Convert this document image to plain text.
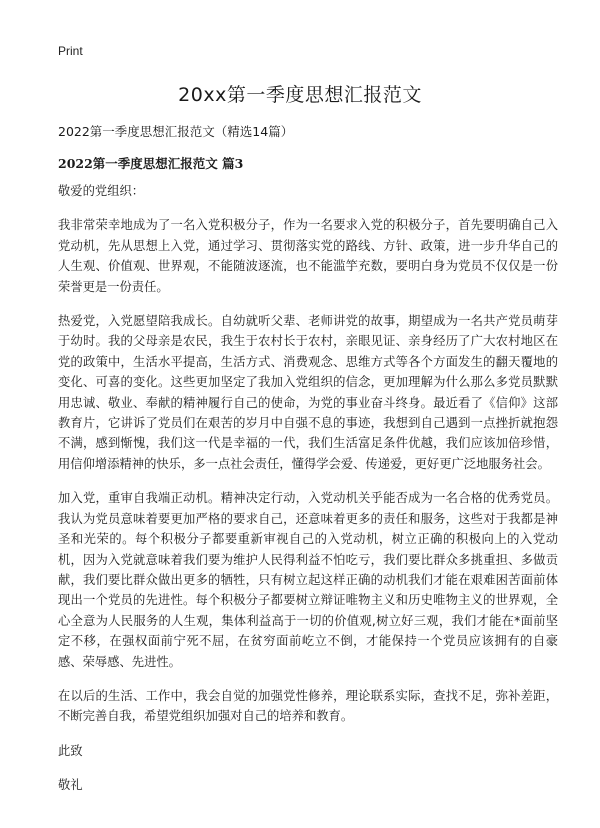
Print
20xx第一季度思想汇报范文

2022第一季度思想汇报范文（精选14篇）

2022第一季度思想汇报范文 篇3

敬爱的党组织：

我非常荣幸地成为了一名入党积极分子，作为一名要求入党的积极分子，首先要明确自己入党动机，先从思想上入党，通过学习、贯彻落实党的路线、方针、政策，进一步升华自己的人生观、价值观、世界观，不能随波逐流，也不能滥竽充数，要明白身为党员不仅仅是一份荣誉更是一份责任。

热爱党，入党愿望陪我成长。自幼就听父辈、老师讲党的故事，期望成为一名共产党员萌芽于幼时。我的父母亲是农民，我生于农村长于农村，亲眼见证、亲身经历了广大农村地区在党的政策中，生活水平提高，生活方式、消费观念、思维方式等各个方面发生的翻天覆地的变化、可喜的变化。这些更加坚定了我加入党组织的信念，更加理解为什么那么多党员默默用忠诚、敬业、奉献的精神履行自己的使命，为党的事业奋斗终身。最近看了《信仰》这部教育片，它讲诉了党员们在艰苦的岁月中自强不息的事迹，我想到自己遇到一点挫折就抱怨不满，感到惭愧，我们这一代是幸福的一代，我们生活富足条件优越，我们应该加倍珍惜，用信仰增添精神的快乐，多一点社会责任，懂得学会爱、传递爱，更好更广泛地服务社会。

加入党，重审自我端正动机。精神决定行动，入党动机关乎能否成为一名合格的优秀党员。我认为党员意味着要更加严格的要求自己，还意味着更多的责任和服务，这些对于我都是神圣和光荣的。每个积极分子都要重新审视自己的入党动机，树立正确的积极向上的入党动机，因为入党就意味着我们要为维护人民得利益不怕吃亏，我们要比群众多挑重担、多做贡献，我们要比群众做出更多的牺牲，只有树立起这样正确的动机我们才能在艰难困苦面前体现出一个党员的先进性。每个积极分子都要树立辩证唯物主义和历史唯物主义的世界观，全心全意为人民服务的人生观，集体利益高于一切的价值观,树立好三观，我们才能在*面前坚定不移，在强权面前宁死不屈，在贫穷面前屹立不倒，才能保持一个党员应该拥有的自豪感、荣辱感、先进性。

在以后的生活、工作中，我会自觉的加强党性修养，理论联系实际，查找不足，弥补差距，不断完善自我，希望党组织加强对自己的培养和教育。

此致

敬礼
